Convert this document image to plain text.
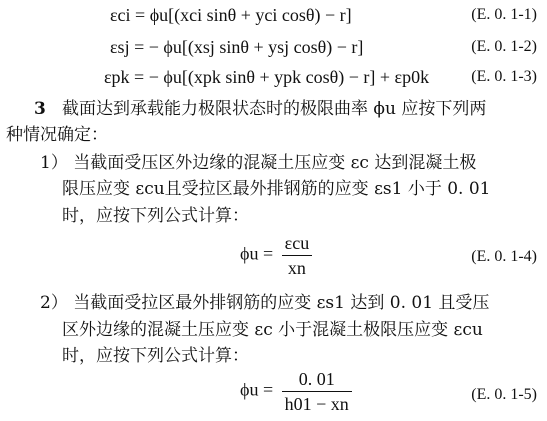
εci = ϕu[(xci sinθ + yci cosθ) − r]	(E. 0. 1-1)
εsj = − ϕu[(xsj sinθ + ysj cosθ) − r]	(E. 0. 1-2)
εpk = − ϕu[(xpk sinθ + ypk cosθ) − r] + εp0k	(E. 0. 1-3)
3 截面达到承载能力极限状态时的极限曲率 ϕu 应按下列两
种情况确定：
1） 当截面受压区外边缘的混凝土压应变 εc 达到混凝土极
限压应变 εcu且受拉区最外排钢筋的应变 εs1 小于 0. 01
时，应按下列公式计算：
$\phi u = \frac{\text{εcu}}{xn}$	(E. 0. 1-4)
2） 当截面受拉区最外排钢筋的应变 εs1 达到 0. 01 且受压
区外边缘的混凝土压应变 εc 小于混凝土极限压应变 εcu
时，应按下列公式计算：
$\phi u = \frac{0. 01}{h01 - xn}$	(E. 0. 1-5)
